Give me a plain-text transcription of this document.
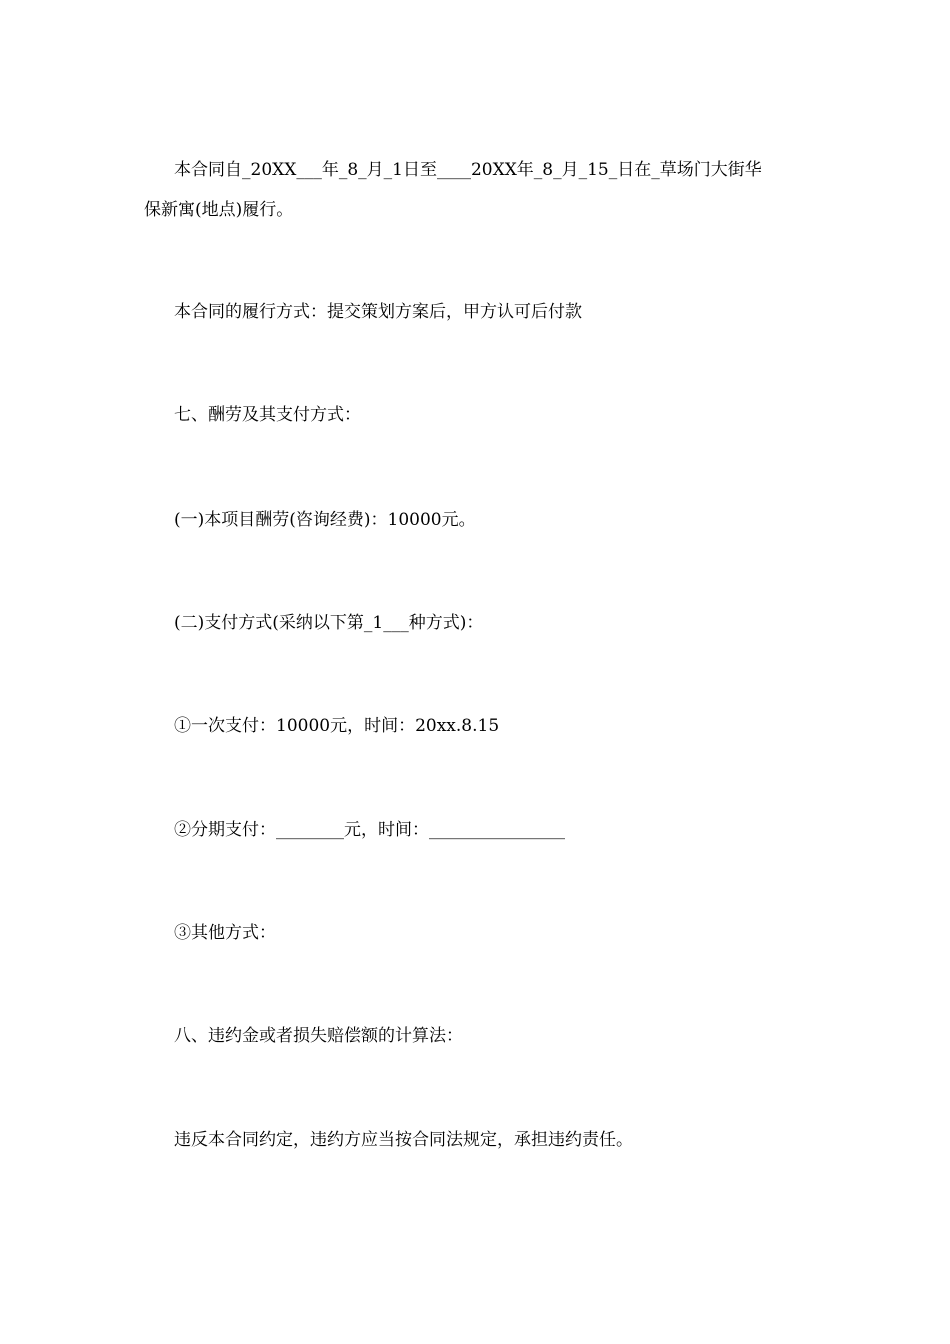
本合同自_20XX___年_8_月_1日至____20XX年_8_月_15_日在_草场门大街华
保新寓(地点)履行。
本合同的履行方式：提交策划方案后，甲方认可后付款
七、酬劳及其支付方式：
(一)本项目酬劳(咨询经费)：10000元。
(二)支付方式(采纳以下第_1___种方式)：
①一次支付：10000元，时间：20xx.8.15
②分期支付：________元，时间：________________
③其他方式：
八、违约金或者损失赔偿额的计算法：
违反本合同约定，违约方应当按合同法规定，承担违约责任。
